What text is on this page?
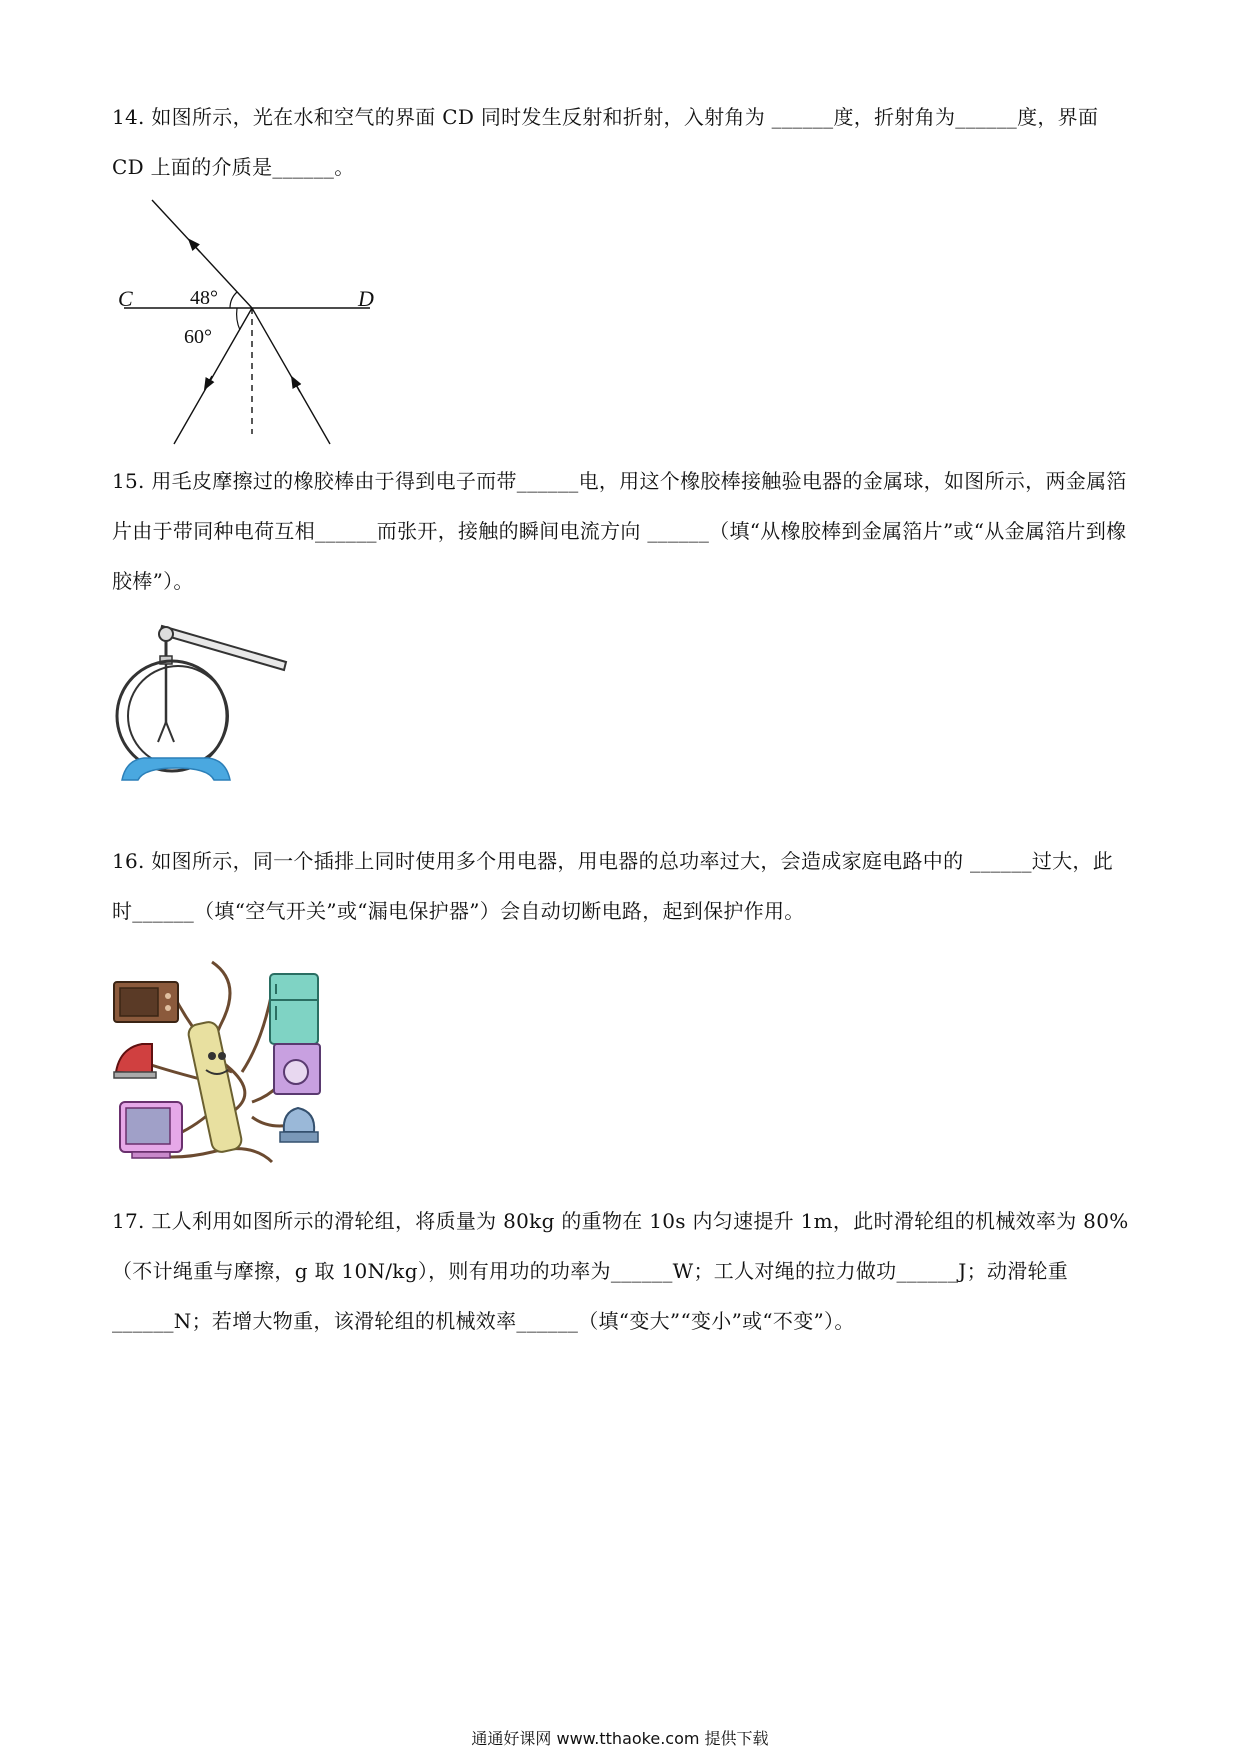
14. 如图所示，光在水和空气的界面 CD 同时发生反射和折射，入射角为 ______度，折射角为______度，界面 CD 上面的介质是______。
C	D
48°
60°
15. 用毛皮摩擦过的橡胶棒由于得到电子而带______电，用这个橡胶棒接触验电器的金属球，如图所示，两金属箔片由于带同种电荷互相______而张开，接触的瞬间电流方向 ______（填“从橡胶棒到金属箔片”或“从金属箔片到橡胶棒”）。
16. 如图所示，同一个插排上同时使用多个用电器，用电器的总功率过大，会造成家庭电路中的 ______过大，此时______（填“空气开关”或“漏电保护器”）会自动切断电路，起到保护作用。
17. 工人利用如图所示的滑轮组，将质量为 80kg 的重物在 10s 内匀速提升 1m，此时滑轮组的机械效率为 80%（不计绳重与摩擦，g 取 10N/kg），则有用功的功率为______W；工人对绳的拉力做功______J；动滑轮重______N；若增大物重，该滑轮组的机械效率______（填“变大”“变小”或“不变”）。
通通好课网 www.tthaoke.com 提供下载
